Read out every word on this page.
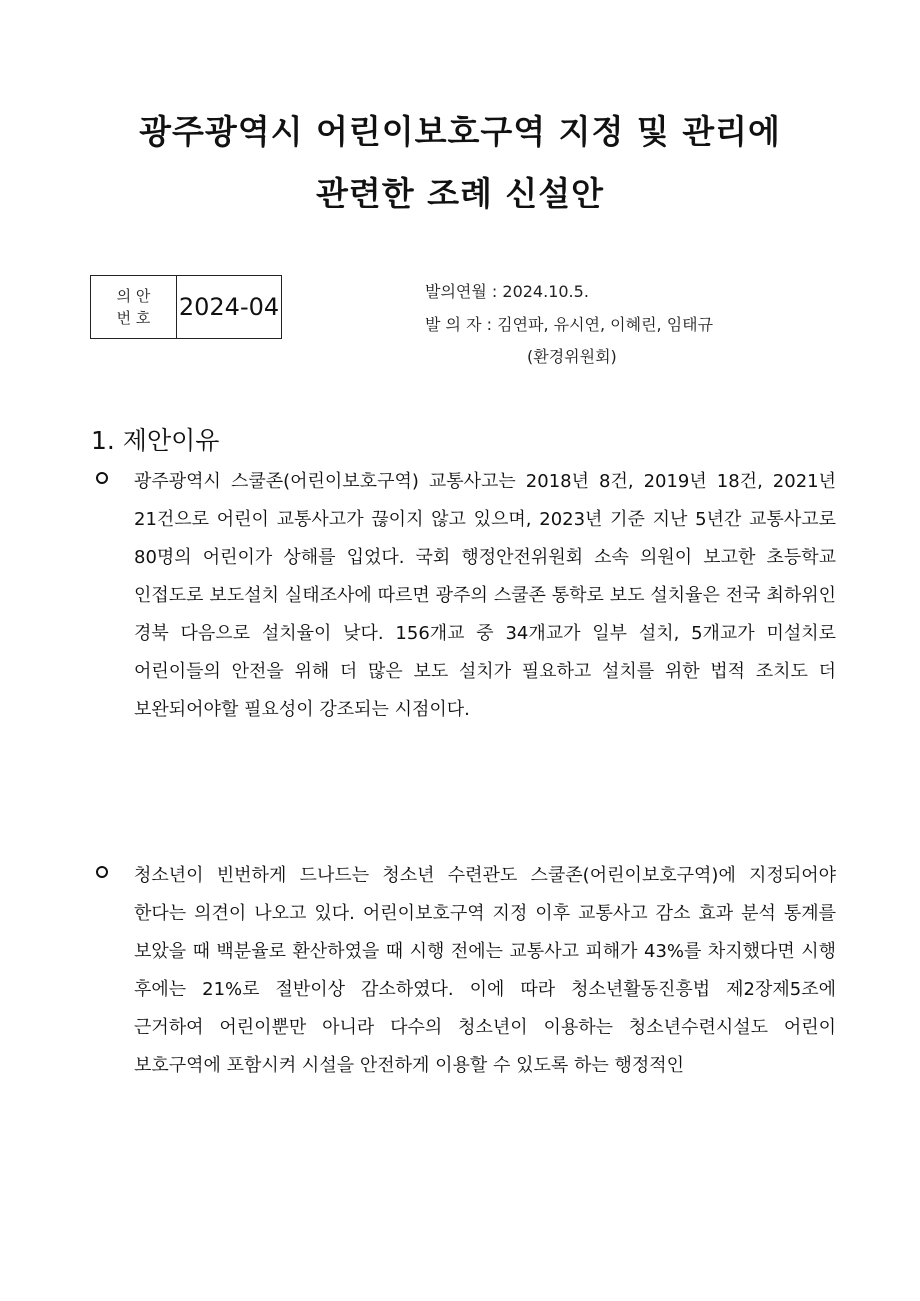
광주광역시 어린이보호구역 지정 및 관리에
관련한 조례 신설안
의 안
번 호 2024-04
발의연월 : 2024.10.5.
발 의 자 : 김연파, 유시연, 이혜린, 임태규
(환경위원회)
1. 제안이유
광주광역시 스쿨존(어린이보호구역) 교통사고는 2018년 8건, 2019년 18건, 2021년 21건으로 어린이 교통사고가 끊이지 않고 있으며, 2023년 기준 지난 5년간 교통사고로 80명의 어린이가 상해를 입었다. 국회 행정안전위원회 소속 의원이 보고한 초등학교 인접도로 보도설치 실태조사에 따르면 광주의 스쿨존 통학로 보도 설치율은 전국 최하위인 경북 다음으로 설치율이 낮다. 156개교 중 34개교가 일부 설치, 5개교가 미설치로 어린이들의 안전을 위해 더 많은 보도 설치가 필요하고 설치를 위한 법적 조치도 더 보완되어야할 필요성이 강조되는 시점이다.
청소년이 빈번하게 드나드는 청소년 수련관도 스쿨존(어린이보호구역)에 지정되어야 한다는 의견이 나오고 있다. 어린이보호구역 지정 이후 교통사고 감소 효과 분석 통계를 보았을 때 백분율로 환산하였을 때 시행 전에는 교통사고 피해가 43%를 차지했다면 시행 후에는 21%로 절반이상 감소하였다. 이에 따라 청소년활동진흥법 제2장제5조에 근거하여 어린이뿐만 아니라 다수의 청소년이 이용하는 청소년수련시설도 어린이 보호구역에 포함시켜 시설을 안전하게 이용할 수 있도록 하는 행정적인
